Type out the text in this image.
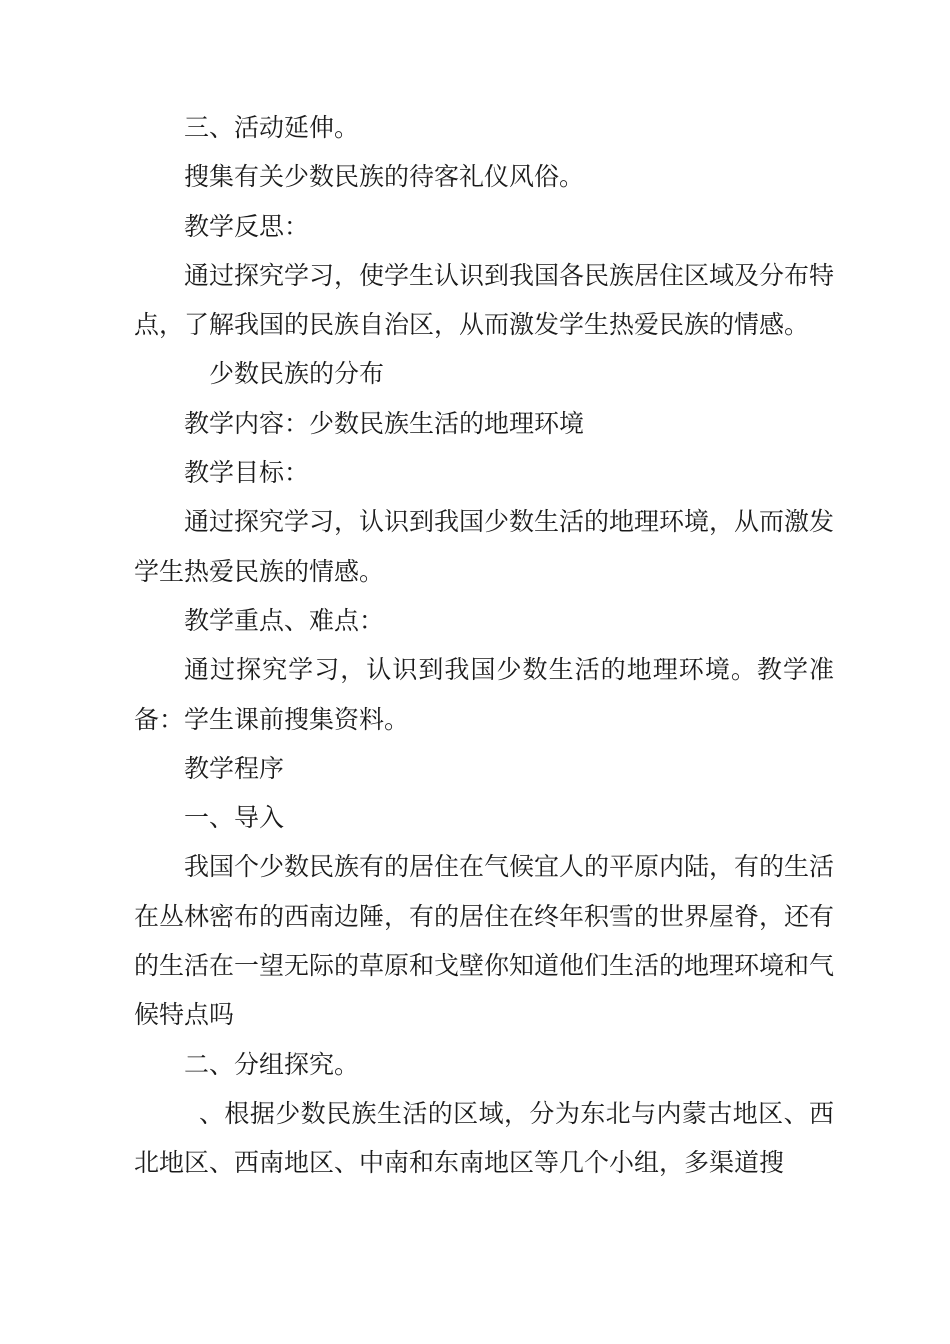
三、活动延伸。

搜集有关少数民族的待客礼仪风俗。

教学反思：

通过探究学习，使学生认识到我国各民族居住区域及分布特点，了解我国的民族自治区，从而激发学生热爱民族的情感。

少数民族的分布

教学内容：少数民族生活的地理环境

教学目标：

通过探究学习，认识到我国少数生活的地理环境，从而激发学生热爱民族的情感。

教学重点、难点：

通过探究学习，认识到我国少数生活的地理环境。教学准备：学生课前搜集资料。

教学程序

一、导入

我国个少数民族有的居住在气候宜人的平原内陆，有的生活在丛林密布的西南边陲，有的居住在终年积雪的世界屋脊，还有的生活在一望无际的草原和戈壁你知道他们生活的地理环境和气候特点吗

二、分组探究。

、根据少数民族生活的区域，分为东北与内蒙古地区、西北地区、西南地区、中南和东南地区等几个小组，多渠道搜
